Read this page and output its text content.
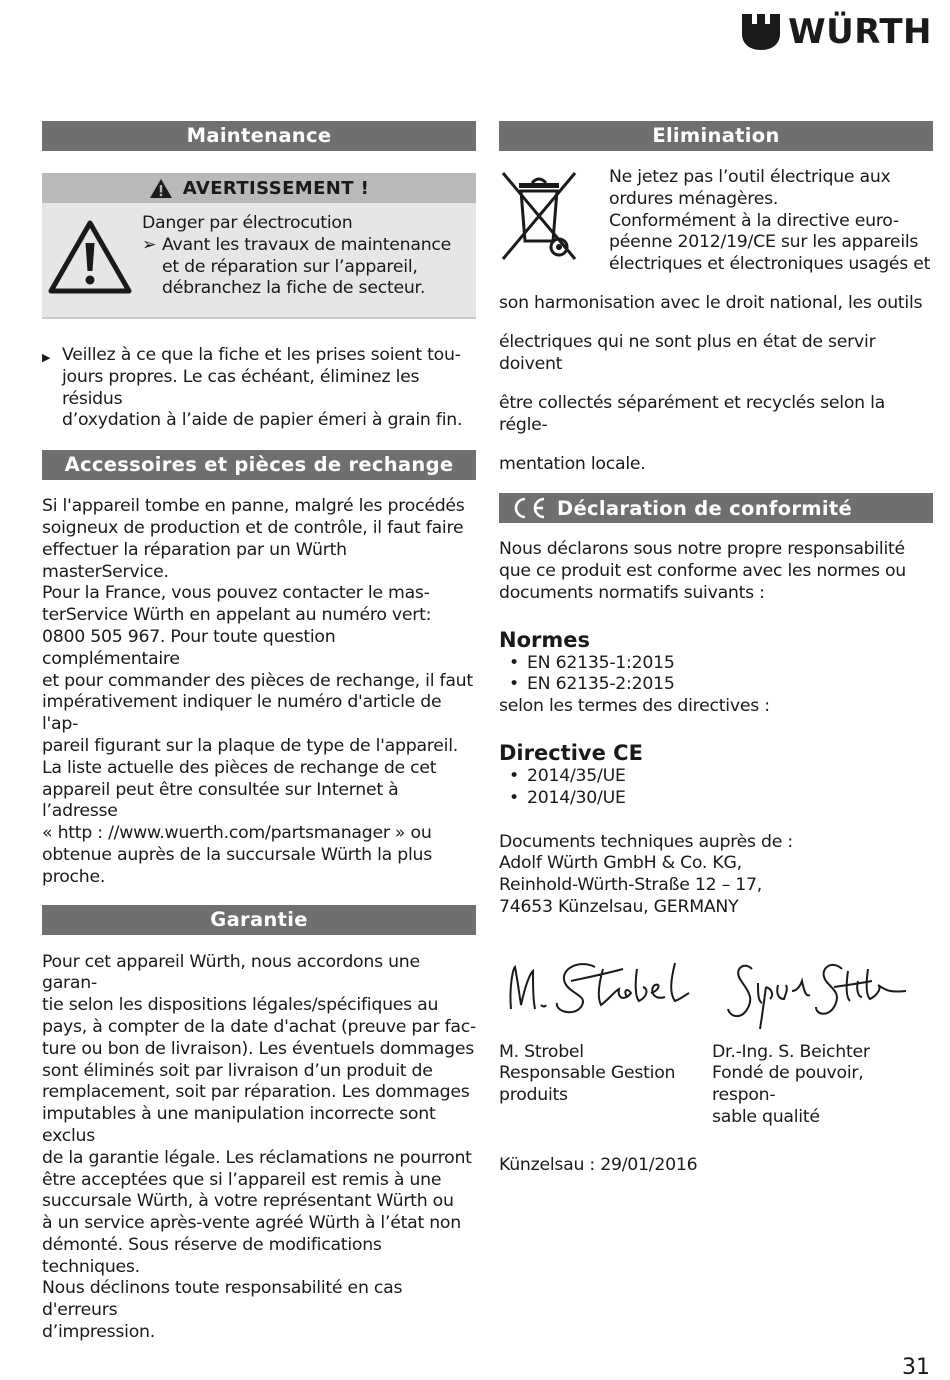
WÜRTH
Maintenance
AVERTISSEMENT !

Danger par électrocution

➢ Avant les travaux de maintenance

et de réparation sur l’appareil,

débranchez la fiche de secteur.

▶ Veillez à ce que la fiche et les prises soient tou-

jours propres. Le cas échéant, éliminez les résidus

d’oxydation à l’aide de papier émeri à grain fin.

Accessoires et pièces de rechange

Si l'appareil tombe en panne, malgré les procédés

soigneux de production et de contrôle, il faut faire

effectuer la réparation par un Würth masterService.

Pour la France, vous pouvez contacter le mas-

terService Würth en appelant au numéro vert:

0800 505 967. Pour toute question complémentaire

et pour commander des pièces de rechange, il faut

impérativement indiquer le numéro d'article de l'ap-

pareil figurant sur la plaque de type de l'appareil.

La liste actuelle des pièces de rechange de cet

appareil peut être consultée sur Internet à l’adresse

« http : //www.wuerth.com/partsmanager » ou

obtenue auprès de la succursale Würth la plus

proche.

Garantie

Pour cet appareil Würth, nous accordons une garan-

tie selon les dispositions légales/spécifiques au

pays, à compter de la date d'achat (preuve par fac-

ture ou bon de livraison). Les éventuels dommages

sont éliminés soit par livraison d’un produit de

remplacement, soit par réparation. Les dommages

imputables à une manipulation incorrecte sont exclus

de la garantie légale. Les réclamations ne pourront

être acceptées que si l’appareil est remis à une

succursale Würth, à votre représentant Würth ou

à un service après-vente agréé Würth à l’état non

démonté. Sous réserve de modifications techniques.

Nous déclinons toute responsabilité en cas d'erreurs

d’impression.

Elimination
Ne jetez pas l’outil électrique aux
ordures ménagères.
Conformément à la directive euro-
péenne 2012/19/CE sur les appareils
électriques et électroniques usagés et

son harmonisation avec le droit national, les outils

électriques qui ne sont plus en état de servir doivent

être collectés séparément et recyclés selon la régle-

mentation locale.

Déclaration de conformité

Nous déclarons sous notre propre responsabilité

que ce produit est conforme avec les normes ou

documents normatifs suivants :

Normes
• EN 62135-1:2015
• EN 62135-2:2015

selon les termes des directives :

Directive CE
• 2014/35/UE
• 2014/30/UE

Documents techniques auprès de :

Adolf Würth GmbH & Co. KG,

Reinhold-Würth-Straße 12 – 17,

74653 Künzelsau, GERMANY

M. Strobel

Responsable Gestion

produits

Dr.-Ing. S. Beichter

Fondé de pouvoir, respon-

sable qualité

Künzelsau : 29/01/2016

31
